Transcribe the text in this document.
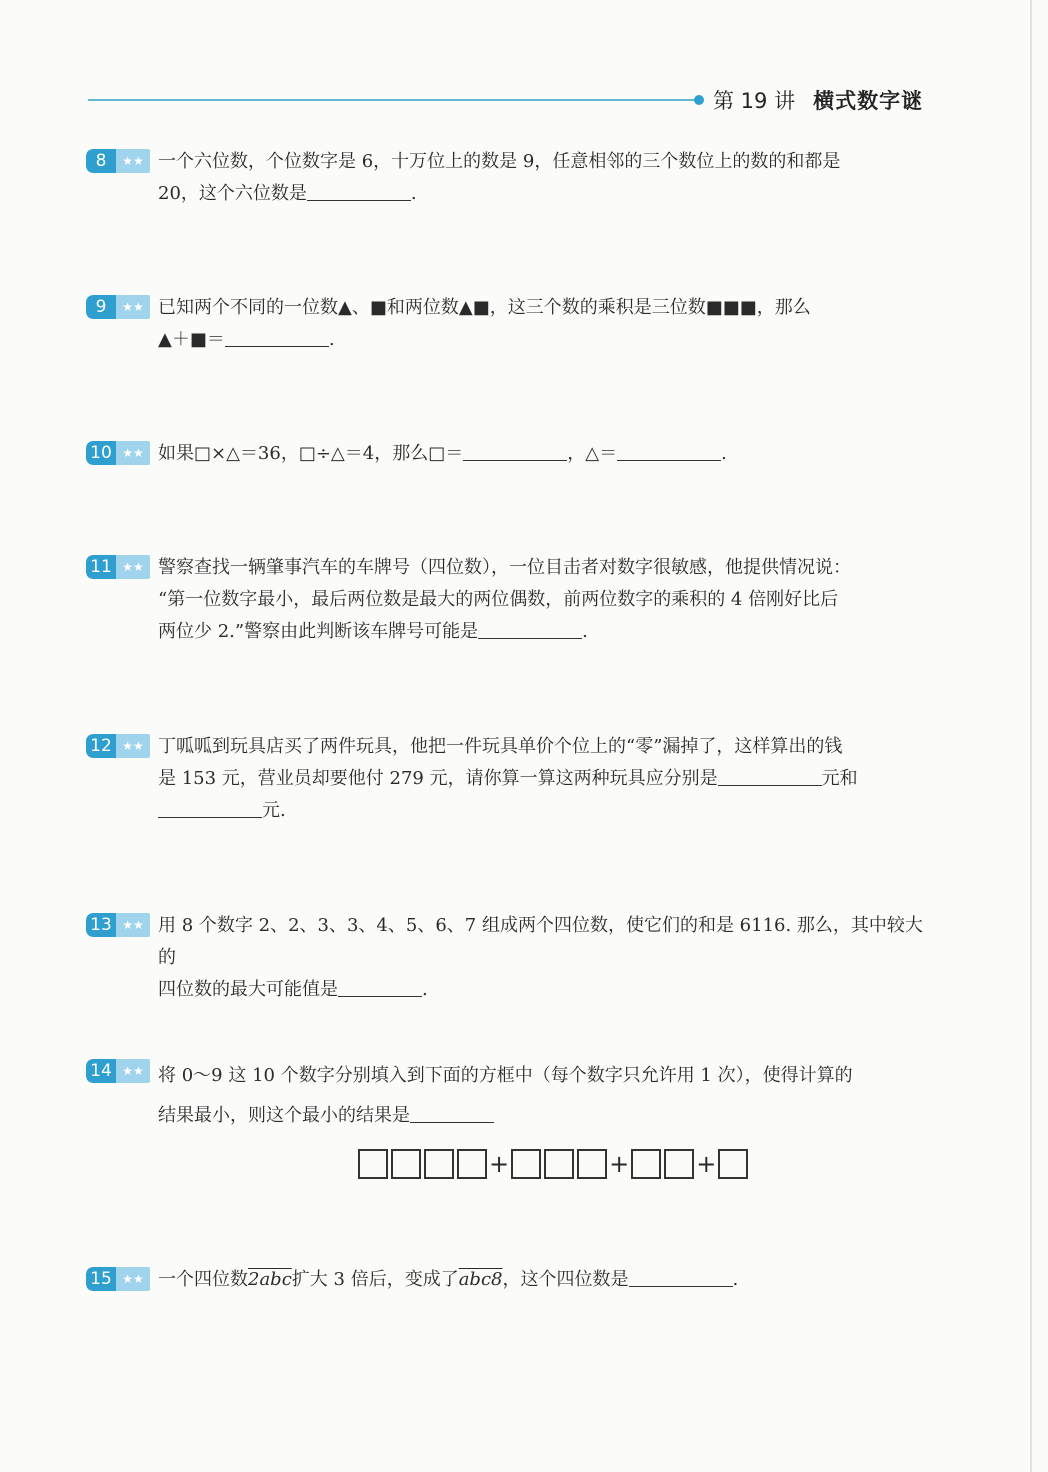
第 19 讲 横式数字谜
8	★★ 一个六位数，个位数字是 6，十万位上的数是 9，任意相邻的三个数位上的数的和都是
20，这个六位数是	.
9	★★ 已知两个不同的一位数▲、■和两位数▲■，这三个数的乘积是三位数■■■，那么
▲＋■＝	.
10 ★★ 如果□×△＝36，□÷△＝4，那么□＝	，△＝	.
11 ★★ 警察查找一辆肇事汽车的车牌号（四位数），一位目击者对数字很敏感，他提供情况说：
“第一位数字最小，最后两位数是最大的两位偶数，前两位数字的乘积的 4 倍刚好比后
两位少 2.”警察由此判断该车牌号可能是	.
12 ★★ 丁呱呱到玩具店买了两件玩具，他把一件玩具单价个位上的“零”漏掉了，这样算出的钱
是 153 元，营业员却要他付 279 元，请你算一算这两种玩具应分别是	元和
元.
13 ★★ 用 8 个数字 2、2、3、3、4、5、6、7 组成两个四位数，使它们的和是 6116. 那么，其中较大的
四位数的最大可能值是	.
14 ★★ 将 0～9 这 10 个数字分别填入到下面的方框中（每个数字只允许用 1 次），使得计算的
结果最小，则这个最小的结果是
+	+	+
15 ★★ 一个四位数2abc扩大 3 倍后，变成了abc8，这个四位数是	.
